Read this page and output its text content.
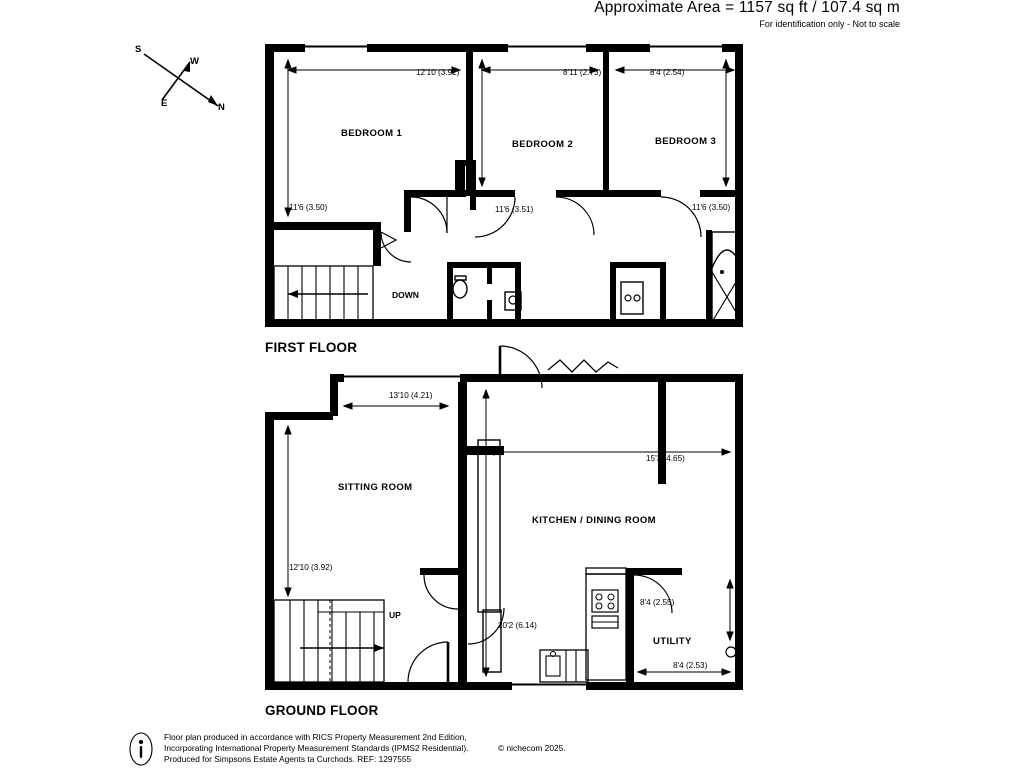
Approximate Area = 1157 sq ft / 107.4 sq m
For identification only - Not to scale
S
W
E	N
FIRST FLOOR
BEDROOM 1
BEDROOM 2	BEDROOM 3
12'10 (3.92)	8'11 (2.73)	8'4 (2.54)
11'6 (3.50)	11'6 (3.51)	11'6 (3.50)
DOWN
GROUND FLOOR
SITTING ROOM
KITCHEN / DINING ROOM
UTILITY
13'10 (4.21)
15'3 (4.65)
12'10 (3.92)
20'2 (6.14)
8'4 (2.55)
8'4 (2.53)
UP
Floor plan produced in accordance with RICS Property Measurement 2nd Edition,
Incorporating International Property Measurement Standards (IPMS2 Residential).
Produced for Simpsons Estate Agents ta Curchods. REF: 1297555
© nichecom 2025.
